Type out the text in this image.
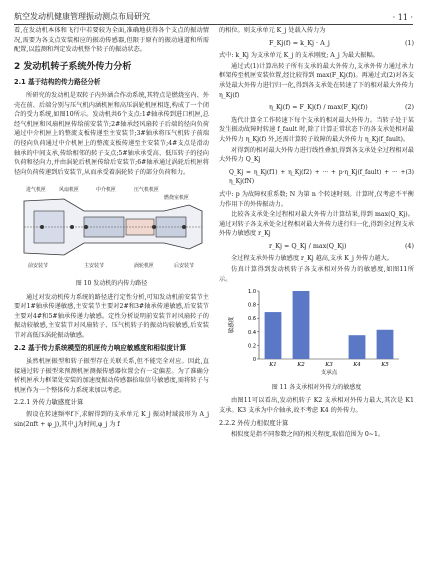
航空发动机健康管理振动测点布局研究	· 11 ·

看,在发动机本体和飞行中若要较为全面,准确地获得各个支点的振动情况,需要为各支点安装相应的振动传感器,但限于原有的振动通道和所需配置,以监测和判定发动机整个转子的振动状态。

2 发动机转子系统外传力分析
2.1 基于结构的传力路径分析

所研究的发动机是双转子内外涵合作动系统,其特点是燃烧室内、外壳在前、后端分别与压气机内涵机匣和高压涡轮机匣相连,构成了一个闭合的受力系统,如图10所示。发动机共6个支点:1#轴承传到进口机匣,总经气机匣和风扇机匣传给前安装节;2#轴承经风扇转子后端的径向负荷通过中介机匣上的整流支板传递至主安装节;3#轴承将压气机转子前端的径向负荷通过中介机匣上的整流支板传递至主安装节;4#支点是滑动轴承的中间支承,传给相邻的转子支点;5#轴承承受高、低压转子的径向负荷和径向力,并由涡轮后机匣传给后安装节;6#轴承通过涡轮后机匣将径向负荷传递到后安装节,从而承受着涡轮转子的部分负荷和力。

进气机匣	风扇机匣	中介机匣	压气机机匣
燃烧室机匣
后安装节
涡轮机匣
主安装节
前安装节
图 10 发动机的内传力路径

通过对发动机传力系统的路径进行定性分析,可知发动机前安装节主要对1#轴承传递敏感,主安装节主要对2#和3#轴承传递敏感,后安装节主要对4#和5#轴承传递力敏感。定性分析说明前安装节对风扇转子的振动较敏感,主安装节对风扇转子、压气机转子的振动均较敏感,后安装节对高低压涡轮振动敏感。

2.2 基于传力系统模型的机匣传力响应敏感度和相似度计算

虽然机匣振型和转子振型存在关联关系,但不能完全对应。因此,直接通过转子振型来预测机匣测振传感器位置会有一定偏差。为了准确分析机匣承力框架处安装的加速度振动传感器拾取信号敏感度,需将转子与机匣作为一个整体传力系统来加以考虑。

2.2.1 外传力敏感度计算

假设在转速频率f下,求解得到的支承单元 K_j 振动时域波形为 A_j sin(2πft + φ_j),其中,j为时间,φ_j 为 f

的相位。则支承单元 K_j 处载入传力为

F_Kj(f) = k_Kj · A_j	(1)

式中: k_Kj 为支承单元 K_j 的支承刚度; A_j 为最大振幅。

通过式(1)计算出转子所有支承的最大外传力,支承外传力通过承力框架传至机匣安装位置,经比较得到 max(F_Kj(f))。再通过式(2)对各支承处最大外传力进行归一化,得到各支承处在转速了下的相对最大外传力 η_Kj(f)

η_Kj(f) = F_Kj(f) / max(F_Kj(f))	(2)

选代计算全工作转速下每个支承的相对最大外传力。当转子处于某发生振动故障时转速 f_fault 时,除了计算正常状态下的各支承处相对最大外传力 η_Kj(f) 外,还需计算转子故障的最大外传力 η_Kj(f_fault)。

对得到的相对最大外传力进行线性叠加,得到各支承处全过程相对最大外传力 Q_Kj

Q_Kj = η_Kj(f1) + η_Kj(f2) + ··· + p·η_Kj(f_fault) + ··· + η_Kj(fN)
(3)

式中: p 为故障权重系数; N 为第 n 个转速时刻。计算时,仅考虑不平衡力作用下的外传振动力。

比较各支承处全过程相对最大外传力计算结果,得到 max(Q_Kj)。通过对转子各支承处全过程相对最大外传力进行归一化,得到全过程支承外传力敏感度 r_Kj

r_Kj = Q_Kj / max(Q_Kj)	(4)

全过程支承外传力敏感度 r_Kj 越高,支承 K_j 外传力越大。

仿真计算得到发动机转子各支承相对外传力的敏感度,如图11所示。

0
0.2
0.4
0.6
0.8
1.0
敏感度
K1	K2	K3	K4	K5
支承点
图 11 各支承相对外传力的敏感度

由图11可以看出,发动机转子 K2 支承相对外传力最大,其次是 K1 支承。K3 支承为中介轴承,故不考虑 K4 的外传力。

2.2.2 外传力相似度计算

相似度是指不同参数之间的相关程度,取值范围为 0~1。
